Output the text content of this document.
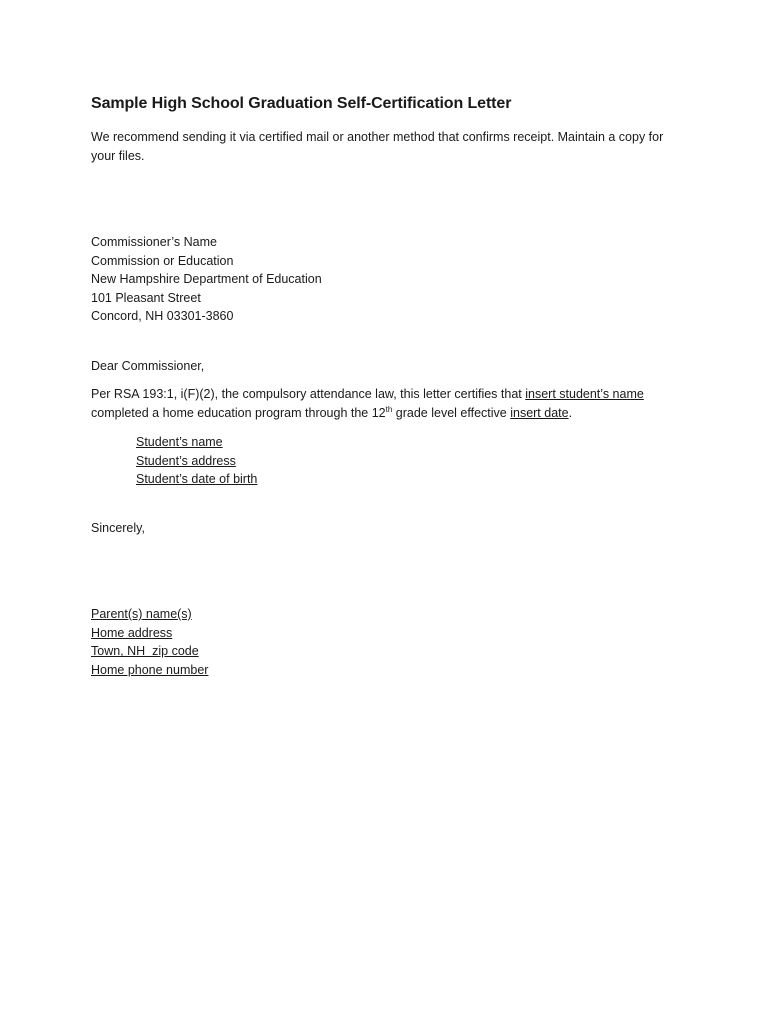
Sample High School Graduation Self-Certification Letter

We recommend sending it via certified mail or another method that confirms receipt. Maintain a copy for your files.

Commissioner’s Name
Commission or Education
New Hampshire Department of Education
101 Pleasant Street
Concord, NH 03301-3860
Dear Commissioner,

Per RSA 193:1, i(F)(2), the compulsory attendance law, this letter certifies that insert student’s name completed a home education program through the 12th grade level effective insert date.

Student’s name
Student’s address
Student’s date of birth
Sincerely,
Parent(s) name(s)
Home address
Town, NH  zip code
Home phone number
